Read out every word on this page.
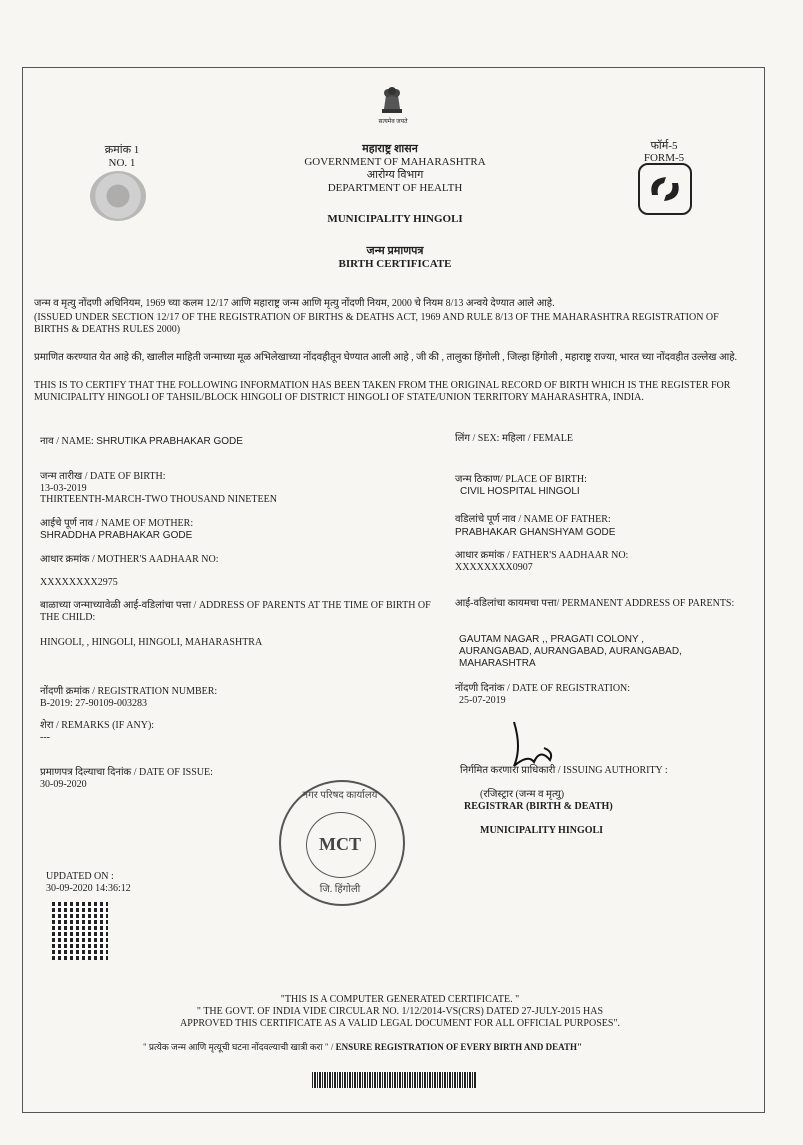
सत्यमेव जयते
क्रमांक 1
NO. 1
महाराष्ट्र शासन
GOVERNMENT OF MAHARASHTRA
आरोग्य विभाग
DEPARTMENT OF HEALTH
फॉर्म-5
FORM-5
MUNICIPALITY HINGOLI
जन्म प्रमाणपत्र
BIRTH CERTIFICATE
जन्म व मृत्यु नोंदणी अधिनियम, 1969 च्या कलम 12/17 आणि महाराष्ट्र जन्म आणि मृत्यु नोंदणी नियम, 2000 चे नियम 8/13 अन्वये देण्यात आले आहे.
(ISSUED UNDER SECTION 12/17 OF THE REGISTRATION OF BIRTHS & DEATHS ACT, 1969 AND RULE 8/13 OF THE MAHARASHTRA REGISTRATION OF BIRTHS & DEATHS RULES 2000)
प्रमाणित करण्यात येत आहे की, खालील माहिती जन्माच्या मूळ अभिलेखाच्या नोंदवहीतून घेण्यात आली आहे , जी की , तालुका हिंगोली , जिल्हा हिंगोली , महाराष्ट्र राज्या, भारत च्या नोंदवहीत उल्लेख आहे.
THIS IS TO CERTIFY THAT THE FOLLOWING INFORMATION HAS BEEN TAKEN FROM THE ORIGINAL RECORD OF BIRTH WHICH IS THE REGISTER FOR MUNICIPALITY HINGOLI OF TAHSIL/BLOCK HINGOLI OF DISTRICT HINGOLI OF STATE/UNION TERRITORY MAHARASHTRA, INDIA.
नाव / NAME: SHRUTIKA PRABHAKAR GODE
जन्म तारीख / DATE OF BIRTH:
13-03-2019
THIRTEENTH-MARCH-TWO THOUSAND NINETEEN
आईचे पूर्ण नाव / NAME OF MOTHER:
SHRADDHA PRABHAKAR GODE
आधार क्रमांक / MOTHER'S AADHAAR NO:
XXXXXXXX2975
बाळाच्या जन्माच्यावेळी आई-वडिलांचा पत्ता / ADDRESS OF PARENTS AT THE TIME OF BIRTH OF THE CHILD:
HINGOLI, , HINGOLI, HINGOLI, MAHARASHTRA
नोंदणी क्रमांक / REGISTRATION NUMBER:
B-2019: 27-90109-003283
शेरा / REMARKS (IF ANY):
---
प्रमाणपत्र दिल्याचा दिनांक / DATE OF ISSUE:
30-09-2020
लिंग / SEX: महिला / FEMALE
जन्म ठिकाण/ PLACE OF BIRTH:
CIVIL HOSPITAL HINGOLI
वडिलांचे पूर्ण नाव / NAME OF FATHER:
PRABHAKAR GHANSHYAM GODE
आधार क्रमांक / FATHER'S AADHAAR NO:
XXXXXXXX0907
आई-वडिलांचा कायमचा पत्ता/ PERMANENT ADDRESS OF PARENTS:
GAUTAM NAGAR ,, PRAGATI COLONY , AURANGABAD, AURANGABAD, AURANGABAD, MAHARASHTRA
नोंदणी दिनांक / DATE OF REGISTRATION:
25-07-2019
निर्गमित करणारा प्राधिकारी / ISSUING AUTHORITY :
(रजिस्ट्रार (जन्म व मृत्यु)
REGISTRAR (BIRTH & DEATH)
MUNICIPALITY HINGOLI
नगर परिषद कार्यालय
MCT
जि. हिंगोली
UPDATED ON :
30-09-2020 14:36:12
"THIS IS A COMPUTER GENERATED CERTIFICATE. "
" THE GOVT. OF INDIA VIDE CIRCULAR NO. 1/12/2014-VS(CRS) DATED 27-JULY-2015 HAS
APPROVED THIS CERTIFICATE AS A VALID LEGAL DOCUMENT FOR ALL OFFICIAL PURPOSES".
" प्रत्येक जन्म आणि मृत्यूची घटना नोंदवल्याची खात्री करा " / ENSURE REGISTRATION OF EVERY BIRTH AND DEATH"
